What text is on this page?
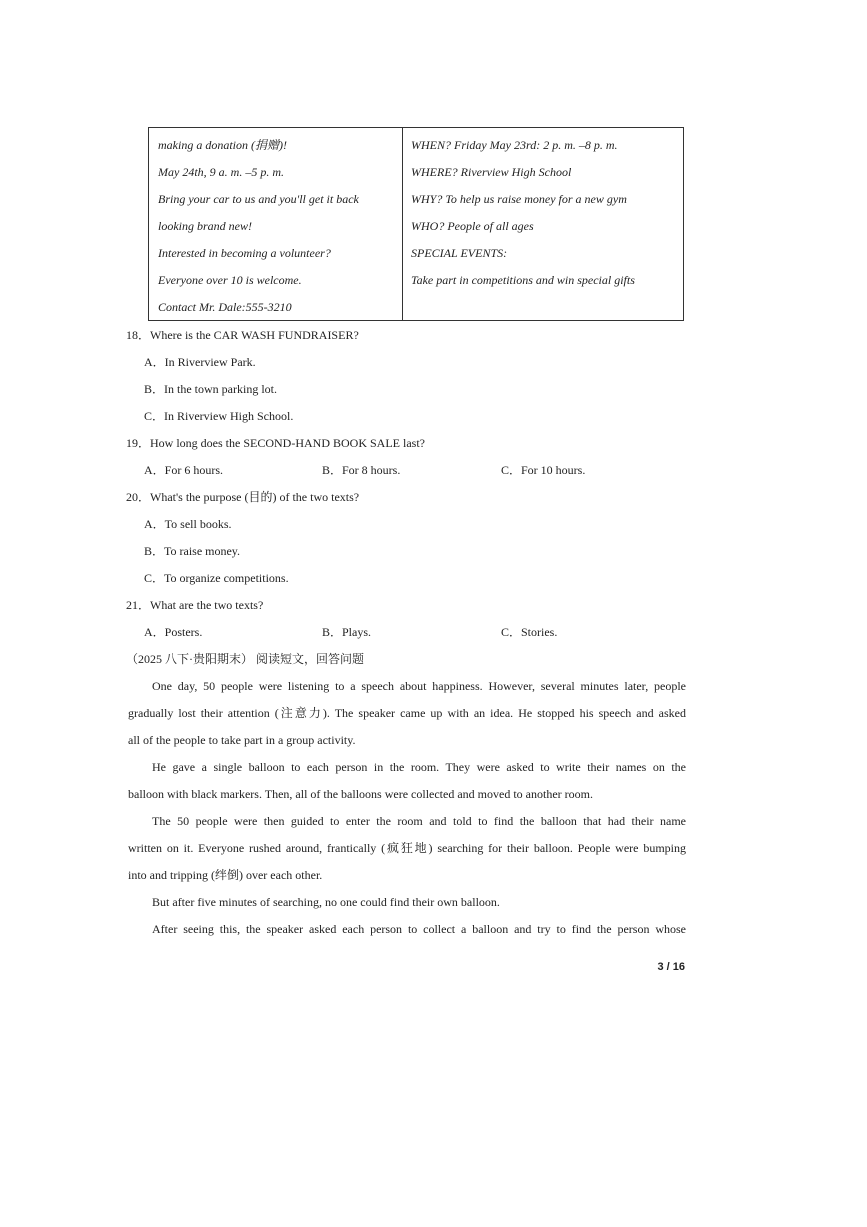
making a donation (捐赠)!
May 24th, 9 a. m. –5 p. m.
Bring your car to us and you'll get it back
looking brand new!
Interested in becoming a volunteer?
Everyone over 10 is welcome.
Contact Mr. Dale:555-3210
WHEN? Friday May 23rd: 2 p. m. –8 p. m.
WHERE? Riverview High School
WHY? To help us raise money for a new gym
WHO? People of all ages
SPECIAL EVENTS:
Take part in competitions and win special gifts
18．Where is the CAR WASH FUNDRAISER?
A．In Riverview Park.
B．In the town parking lot.
C．In Riverview High School.
19．How long does the SECOND-HAND BOOK SALE last?
A．For 6 hours.	B．For 8 hours.	C．For 10 hours.
20．What's the purpose (目的) of the two texts?
A．To sell books.
B．To raise money.
C．To organize competitions.
21．What are the two texts?
A．Posters.	B．Plays.	C．Stories.
（2025 八下·贵阳期末） 阅读短文，回答问题
One day, 50 people were listening to a speech about happiness. However, several minutes later, people
gradually lost their attention (注意力). The speaker came up with an idea. He stopped his speech and asked
all of the people to take part in a group activity.
He gave a single balloon to each person in the room. They were asked to write their names on the
balloon with black markers. Then, all of the balloons were collected and moved to another room.
The 50 people were then guided to enter the room and told to find the balloon that had their name
written on it. Everyone rushed around, frantically (疯狂地) searching for their balloon. People were bumping
into and tripping (绊倒) over each other.
But after five minutes of searching, no one could find their own balloon.
After seeing this, the speaker asked each person to collect a balloon and try to find the person whose
3 / 16
